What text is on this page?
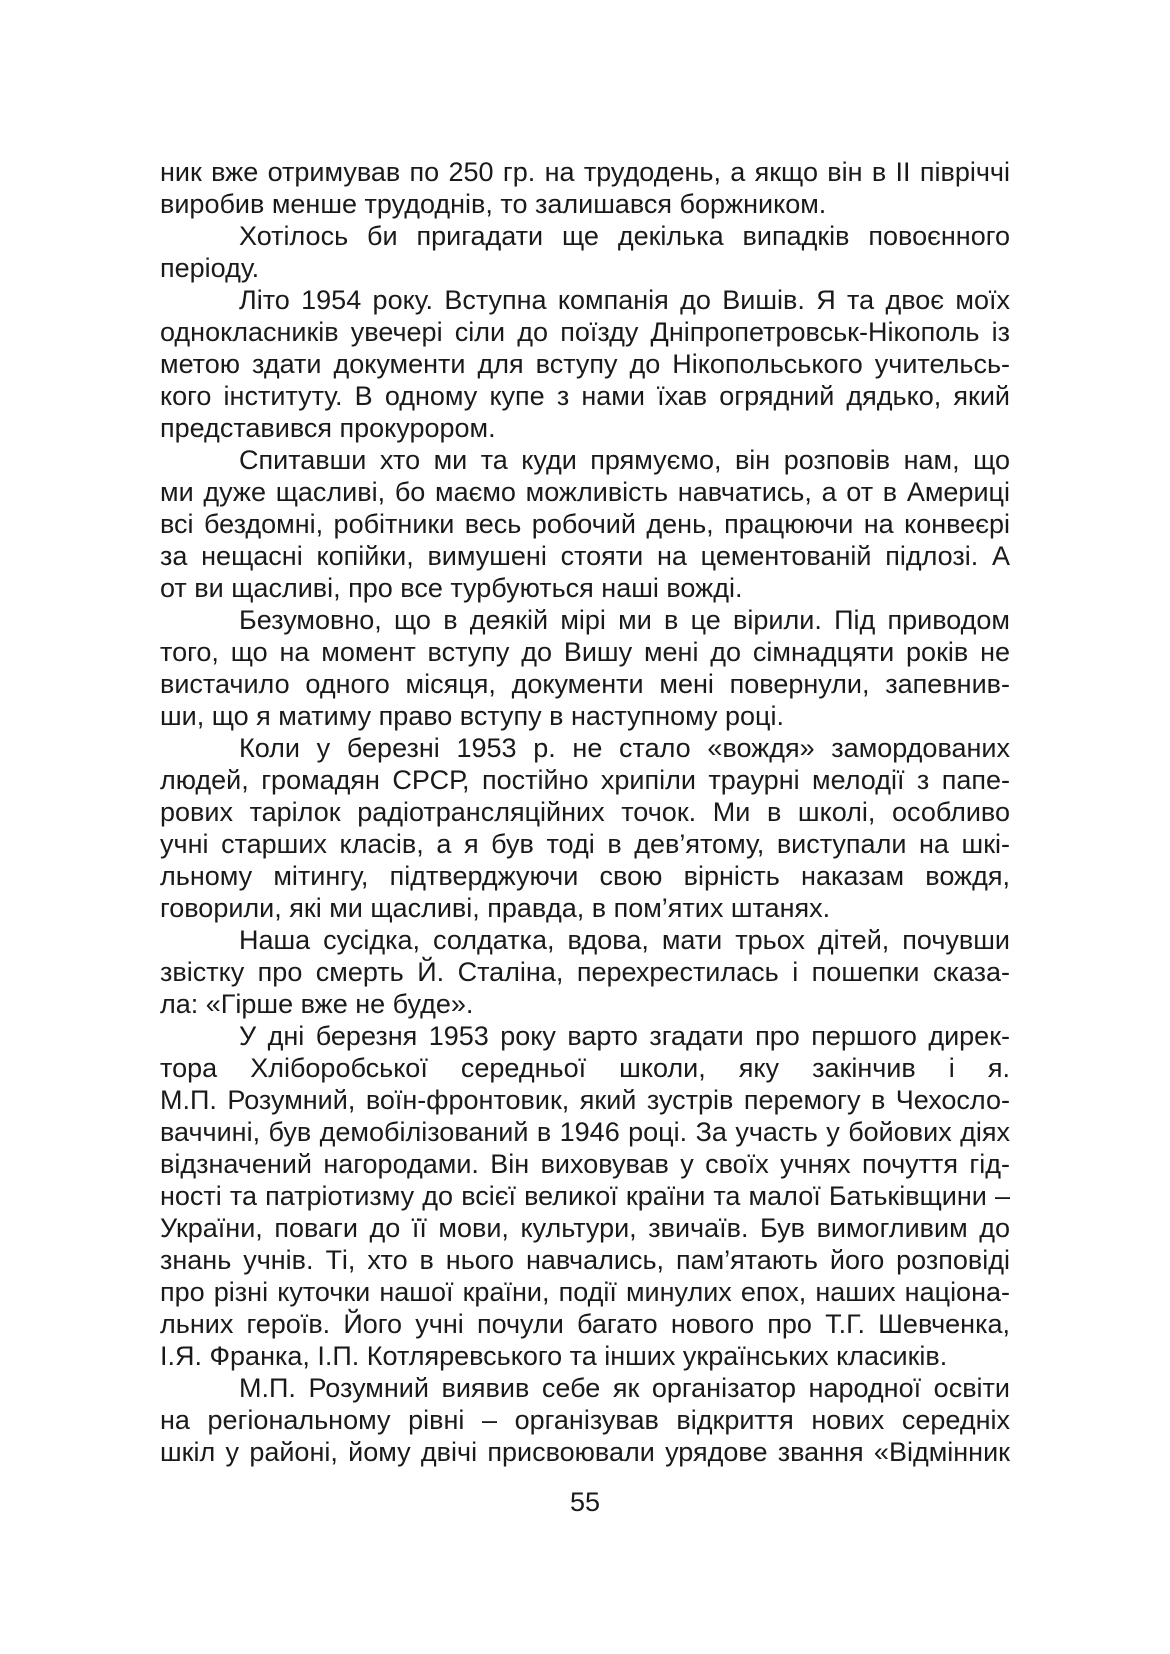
ник вже отримував по 250 гр. на трудодень, а якщо він в ІІ півріччі
виробив менше трудоднів, то залишався боржником.
Хотілось би пригадати ще декілька випадків повоєнного
періоду.
Літо 1954 року. Вступна компанія до Вишів. Я та двоє моїх
однокласників увечері сіли до поїзду Дніпропетровськ-Нікополь із
метою здати документи для вступу до Нікопольського учительсь-
кого інституту. В одному купе з нами їхав огрядний дядько, який
представився прокурором.
Спитавши хто ми та куди прямуємо, він розповів нам, що
ми дуже щасливі, бо маємо можливість навчатись, а от в Америці
всі бездомні, робітники весь робочий день, працюючи на конвеєрі
за нещасні копійки, вимушені стояти на цементованій підлозі. А
от ви щасливі, про все турбуються наші вожді.
Безумовно, що в деякій мірі ми в це вірили. Під приводом
того, що на момент вступу до Вишу мені до сімнадцяти років не
вистачило одного місяця, документи мені повернули, запевнив-
ши, що я матиму право вступу в наступному році.
Коли у березні 1953 р. не стало «вождя» замордованих
людей, громадян СРСР, постійно хрипіли траурні мелодії з папе-
рових тарілок радіотрансляційних точок. Ми в школі, особливо
учні старших класів, а я був тоді в дев’ятому, виступали на шкі-
льному мітингу, підтверджуючи свою вірність наказам вождя,
говорили, які ми щасливі, правда, в пом’ятих штанях.
Наша сусідка, солдатка, вдова, мати трьох дітей, почувши
звістку про смерть Й. Сталіна, перехрестилась і пошепки сказа-
ла: «Гірше вже не буде».
У дні березня 1953 року варто згадати про першого дирек-
тора Хліборобської середньої школи, яку закінчив і я.
М.П. Розумний, воїн-фронтовик, який зустрів перемогу в Чехосло-
ваччині, був демобілізований в 1946 році. За участь у бойових діях
відзначений нагородами. Він виховував у своїх учнях почуття гід-
ності та патріотизму до всієї великої країни та малої Батьківщини –
України, поваги до її мови, культури, звичаїв. Був вимогливим до
знань учнів. Ті, хто в нього навчались, пам’ятають його розповіді
про різні куточки нашої країни, події минулих епох, наших націона-
льних героїв. Його учні почули багато нового про Т.Г. Шевченка,
І.Я. Франка, І.П. Котляревського та інших українських класиків.
М.П. Розумний виявив себе як організатор народної освіти
на регіональному рівні – організував відкриття нових середніх
шкіл у районі, йому двічі присвоювали урядове звання «Відмінник
55
